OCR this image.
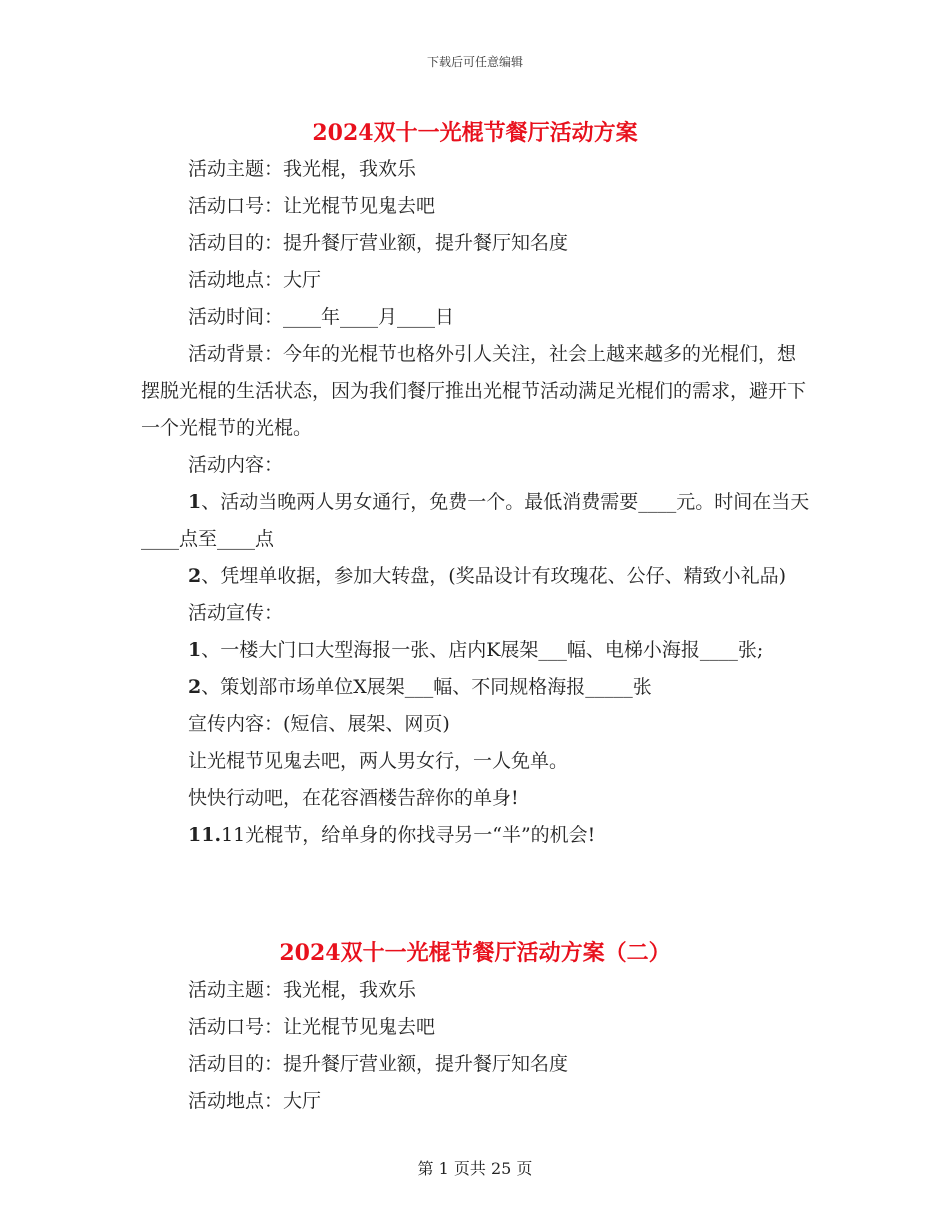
下载后可任意编辑
2024双十一光棍节餐厅活动方案

活动主题：我光棍，我欢乐

活动口号：让光棍节见鬼去吧

活动目的：提升餐厅营业额，提升餐厅知名度

活动地点：大厅

活动时间：____年____月____日

活动背景：今年的光棍节也格外引人关注，社会上越来越多的光棍们，想摆脱光棍的生活状态，因为我们餐厅推出光棍节活动满足光棍们的需求，避开下一个光棍节的光棍。

活动内容：

1、活动当晚两人男女通行，免费一个。最低消费需要____元。时间在当天____点至____点

2、凭埋单收据，参加大转盘，(奖品设计有玫瑰花、公仔、精致小礼品)

活动宣传：

1、一楼大门口大型海报一张、店内K展架___幅、电梯小海报____张;

2、策划部市场单位X展架___幅、不同规格海报_____张

宣传内容：(短信、展架、网页)

让光棍节见鬼去吧，两人男女行，一人免单。

快快行动吧，在花容酒楼告辞你的单身!

11.11光棍节，给单身的你找寻另一“半”的机会!

2024双十一光棍节餐厅活动方案（二）

活动主题：我光棍，我欢乐

活动口号：让光棍节见鬼去吧

活动目的：提升餐厅营业额，提升餐厅知名度

活动地点：大厅

第 1 页共 25 页
